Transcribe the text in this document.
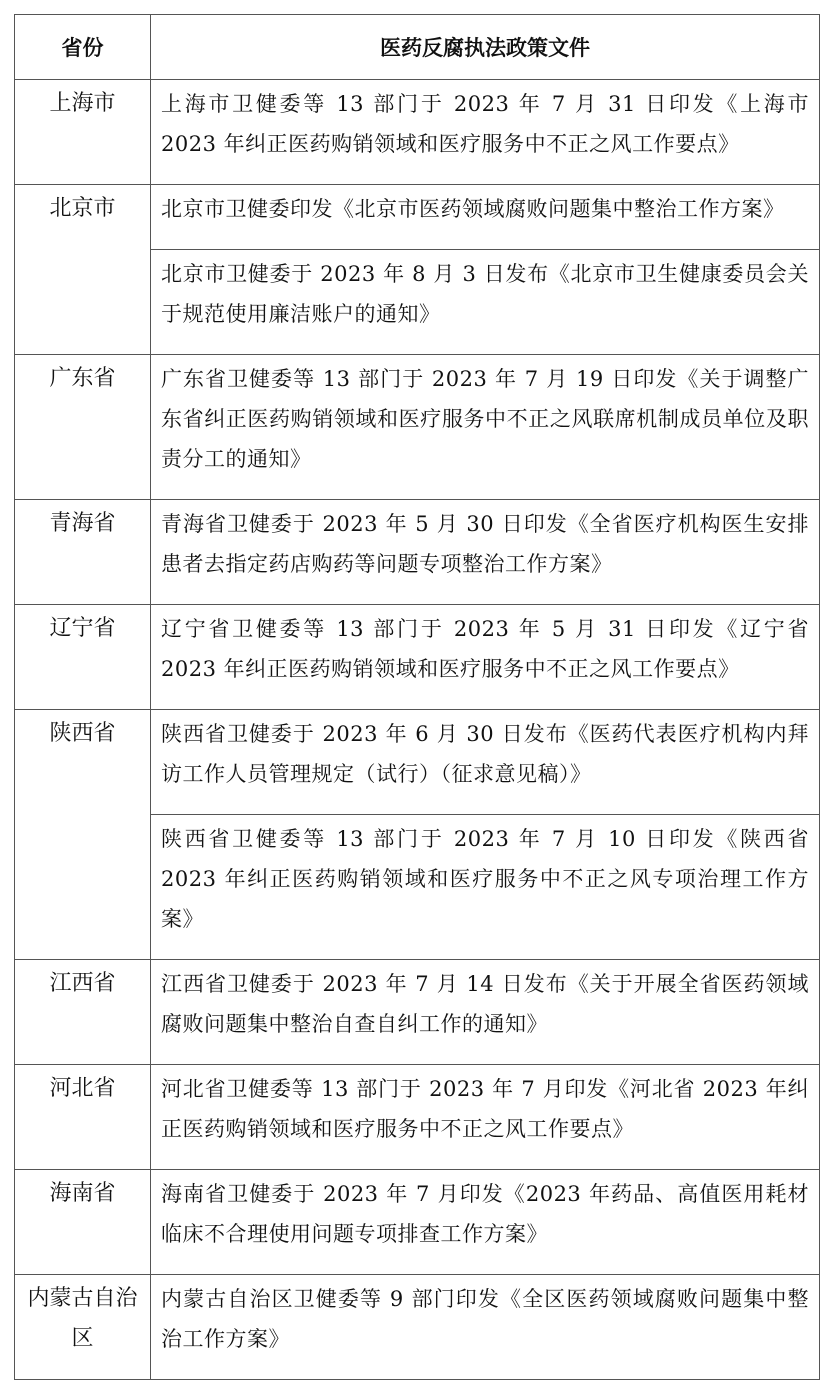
省份	医药反腐执法政策文件
上海市	上海市卫健委等 13 部门于 2023 年 7 月 31 日印发《上海市 2023 年纠正医药购销领域和医疗服务中不正之风工作要点》
北京市	北京市卫健委印发《北京市医药领域腐败问题集中整治工作方案》
	北京市卫健委于 2023 年 8 月 3 日发布《北京市卫生健康委员会关于规范使用廉洁账户的通知》
广东省	广东省卫健委等 13 部门于 2023 年 7 月 19 日印发《关于调整广东省纠正医药购销领域和医疗服务中不正之风联席机制成员单位及职责分工的通知》
青海省	青海省卫健委于 2023 年 5 月 30 日印发《全省医疗机构医生安排患者去指定药店购药等问题专项整治工作方案》
辽宁省	辽宁省卫健委等 13 部门于 2023 年 5 月 31 日印发《辽宁省 2023 年纠正医药购销领域和医疗服务中不正之风工作要点》
陕西省	陕西省卫健委于 2023 年 6 月 30 日发布《医药代表医疗机构内拜访工作人员管理规定（试行）（征求意见稿）》
	陕西省卫健委等 13 部门于 2023 年 7 月 10 日印发《陕西省 2023 年纠正医药购销领域和医疗服务中不正之风专项治理工作方案》
江西省	江西省卫健委于 2023 年 7 月 14 日发布《关于开展全省医药领域腐败问题集中整治自查自纠工作的通知》
河北省	河北省卫健委等 13 部门于 2023 年 7 月印发《河北省 2023 年纠正医药购销领域和医疗服务中不正之风工作要点》
海南省	海南省卫健委于 2023 年 7 月印发《2023 年药品、高值医用耗材临床不合理使用问题专项排查工作方案》
内蒙古自治区	内蒙古自治区卫健委等 9 部门印发《全区医药领域腐败问题集中整治工作方案》
